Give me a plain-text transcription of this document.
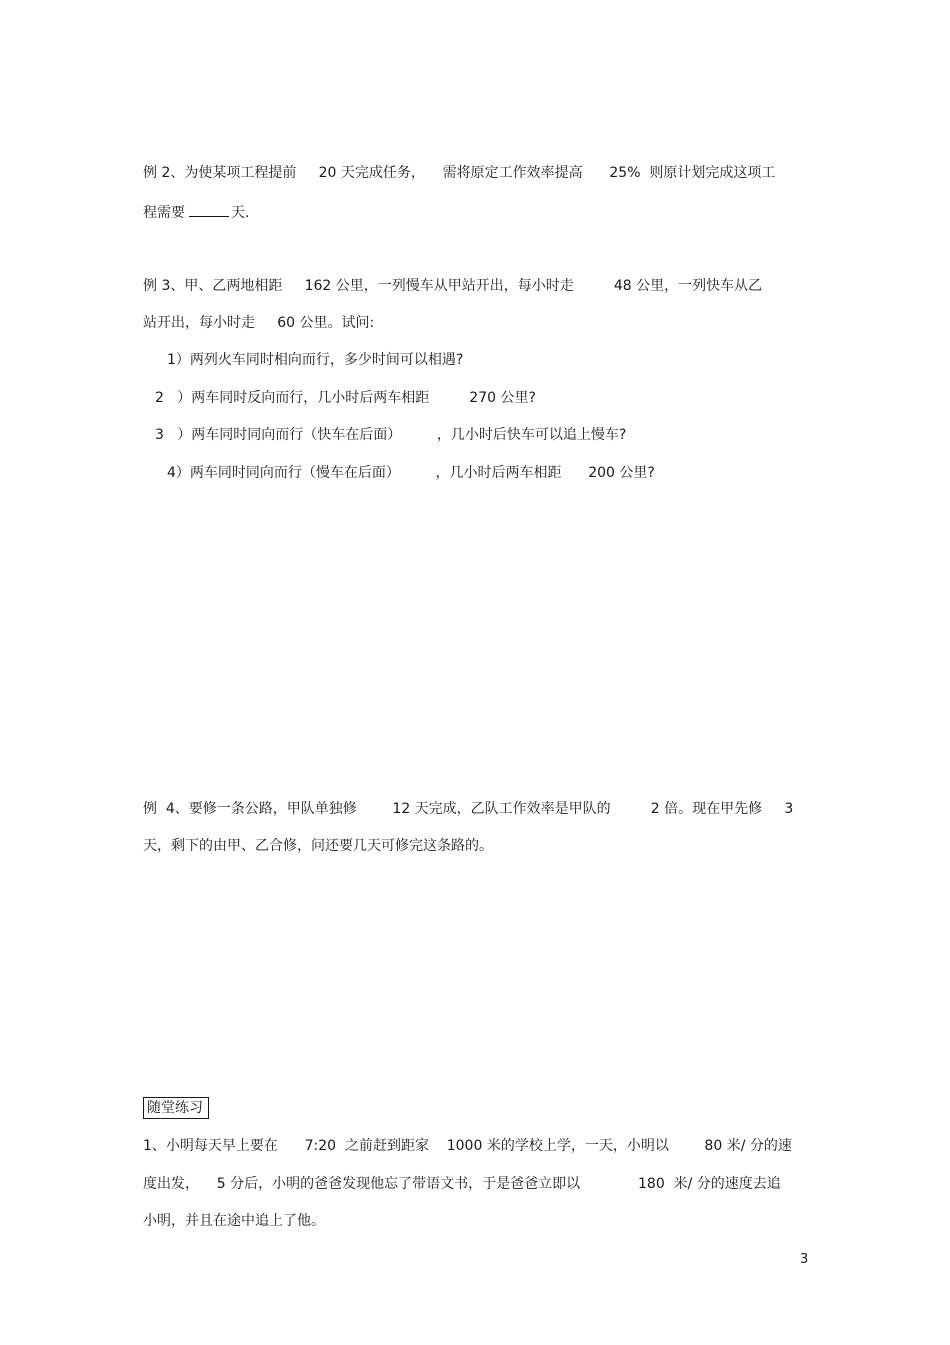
例 2、为使某项工程提前     20 天完成任务，    需将原定工作效率提高      25%  则原计划完成这项工
程需要	天.
例 3、甲、乙两地相距     162 公里，一列慢车从甲站开出，每小时走         48 公里，一列快车从乙
站开出，每小时走     60 公里。试问:
1）两列火车同时相向而行，多少时间可以相遇?
2   ）两车同时反向而行，几小时后两车相距         270 公里?
3   ）两车同时同向而行（快车在后面）        ，几小时后快车可以追上慢车?
4）两车同时同向而行（慢车在后面）        ，几小时后两车相距      200 公里?
例  4、要修一条公路，甲队单独修        12 天完成，乙队工作效率是甲队的         2 倍。现在甲先修     3
天，剩下的由甲、乙合修，问还要几天可修完这条路的。
随堂练习
1、小明每天早上要在      7:20  之前赶到距家    1000 米的学校上学，一天，小明以        80 米/ 分的速
度出发，    5 分后，小明的爸爸发现他忘了带语文书，于是爸爸立即以             180  米/ 分的速度去追
小明，并且在途中追上了他。
3
